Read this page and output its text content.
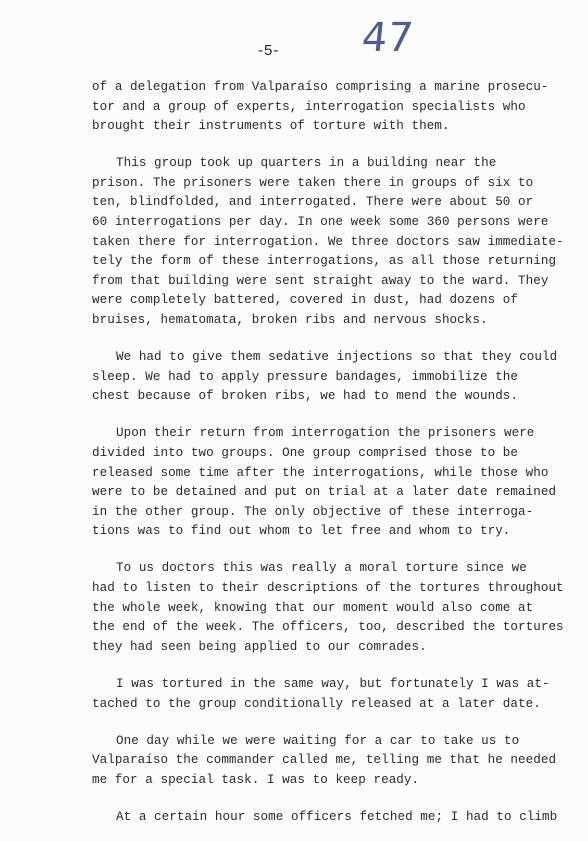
-5- 47
of a delegation from Valparaíso comprising a marine prosecu-
tor and a group of experts, interrogation specialists who
brought their instruments of torture with them.
This group took up quarters in a building near the
prison. The prisoners were taken there in groups of six to
ten, blindfolded, and interrogated. There were about 50 or
60 interrogations per day. In one week some 360 persons were
taken there for interrogation. We three doctors saw immediate-
tely the form of these interrogations, as all those returning
from that building were sent straight away to the ward. They
were completely battered, covered in dust, had dozens of
bruises, hematomata, broken ribs and nervous shocks.
We had to give them sedative injections so that they could
sleep. We had to apply pressure bandages, immobilize the
chest because of broken ribs, we had to mend the wounds.
Upon their return from interrogation the prisoners were
divided into two groups. One group comprised those to be
released some time after the interrogations, while those who
were to be detained and put on trial at a later date remained
in the other group. The only objective of these interroga-
tions was to find out whom to let free and whom to try.
To us doctors this was really a moral torture since we
had to listen to their descriptions of the tortures throughout
the whole week, knowing that our moment would also come at
the end of the week. The officers, too, described the tortures
they had seen being applied to our comrades.
I was tortured in the same way, but fortunately I was at-
tached to the group conditionally released at a later date.
One day while we were waiting for a car to take us to
Valparaíso the commander called me, telling me that he needed
me for a special task. I was to keep ready.
At a certain hour some officers fetched me; I had to climb
